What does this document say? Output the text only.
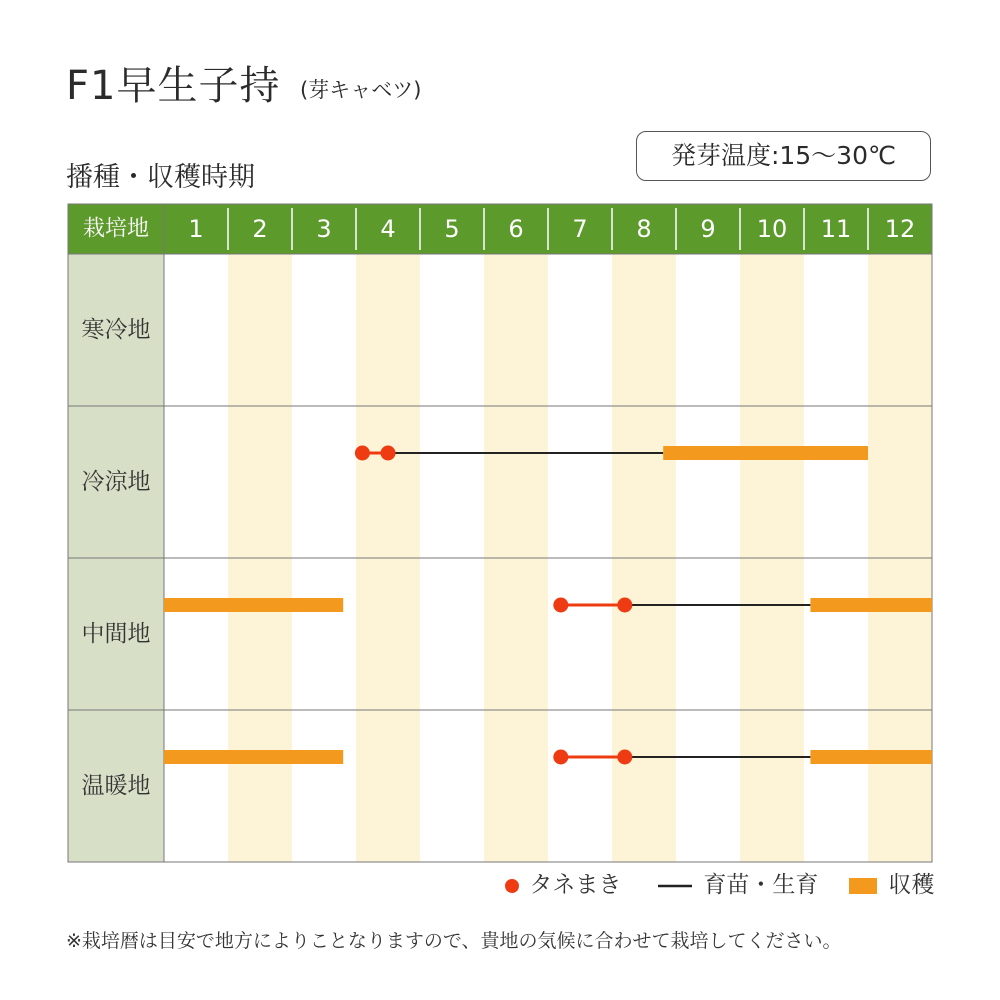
F1早生子持 (芽キャベツ)
発芽温度:15〜30℃
播種・収穫時期
栽培地 1 2 3 4 5 6 7 8 9 10 11 12
寒冷地
冷涼地
中間地
温暖地
タネまき	育苗・生育	収穫
※栽培暦は目安で地方によりことなりますので、貴地の気候に合わせて栽培してください。
